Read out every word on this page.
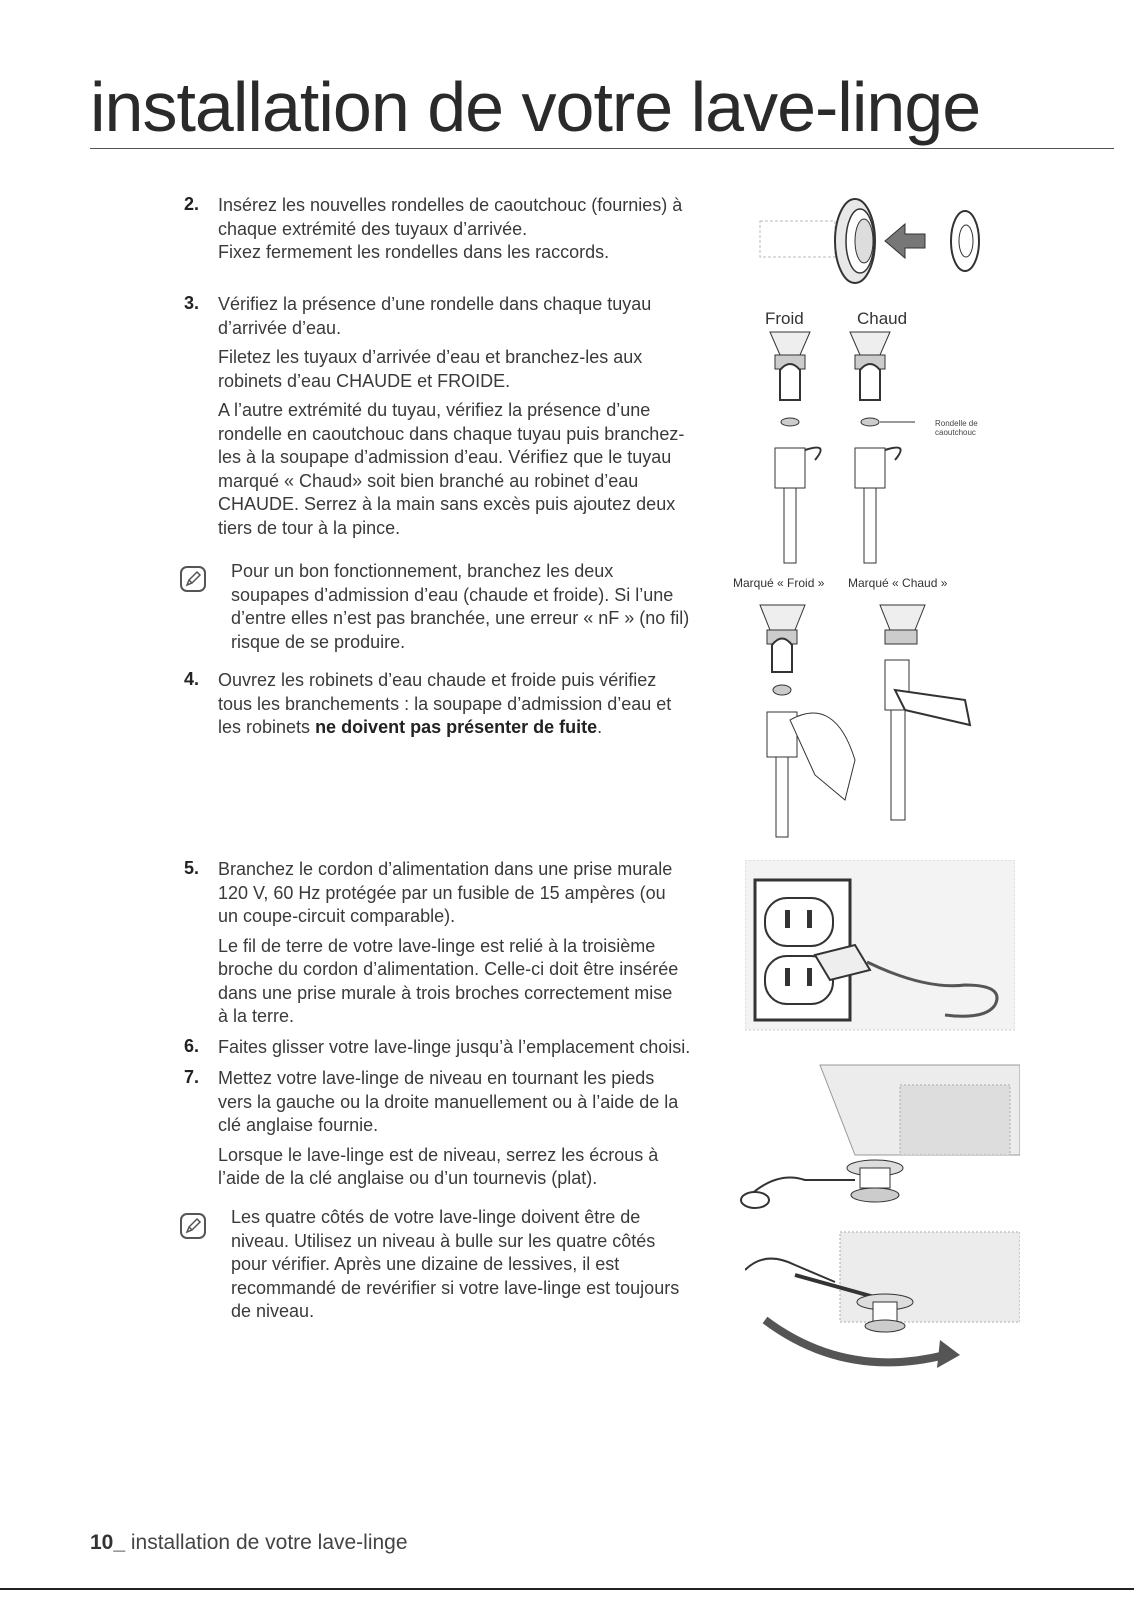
installation de votre lave-linge
2. Insérez les nouvelles rondelles de caoutchouc (fournies) à
chaque extrémité des tuyaux d’arrivée.
Fixez fermement les rondelles dans les raccords.
3. Vérifiez la présence d’une rondelle dans chaque tuyau
d’arrivée d’eau.
Filetez les tuyaux d’arrivée d’eau et branchez-les aux
robinets d’eau CHAUDE et FROIDE.
A l’autre extrémité du tuyau, vérifiez la présence d’une
rondelle en caoutchouc dans chaque tuyau puis branchez-
les à la soupape d’admission d’eau. Vérifiez que le tuyau
marqué « Chaud» soit bien branché au robinet d’eau
CHAUDE. Serrez à la main sans excès puis ajoutez deux
tiers de tour à la pince.
Pour un bon fonctionnement, branchez les deux
soupapes d’admission d’eau (chaude et froide). Si l’une
d’entre elles n’est pas branchée, une erreur « nF » (no fil)
risque de se produire.
4. Ouvrez les robinets d’eau chaude et froide puis vérifiez
tous les branchements : la soupape d’admission d’eau et
les robinets ne doivent pas présenter de fuite.
5. Branchez le cordon d’alimentation dans une prise murale
120 V, 60 Hz protégée par un fusible de 15 ampères (ou
un coupe-circuit comparable).
Le fil de terre de votre lave-linge est relié à la troisième
broche du cordon d’alimentation. Celle-ci doit être insérée
dans une prise murale à trois broches correctement mise
à la terre.
6. Faites glisser votre lave-linge jusqu’à l’emplacement choisi.
7. Mettez votre lave-linge de niveau en tournant les pieds
vers la gauche ou la droite manuellement ou à l’aide de la
clé anglaise fournie.
Lorsque le lave-linge est de niveau, serrez les écrous à
l’aide de la clé anglaise ou d’un tournevis (plat).
Les quatre côtés de votre lave-linge doivent être de
niveau. Utilisez un niveau à bulle sur les quatre côtés
pour vérifier. Après une dizaine de lessives, il est
recommandé de revérifier si votre lave-linge est toujours
de niveau.
Froid	Chaud
Rondelle de
caoutchouc
Marqué « Froid » Marqué « Chaud »
10_ installation de votre lave-linge
